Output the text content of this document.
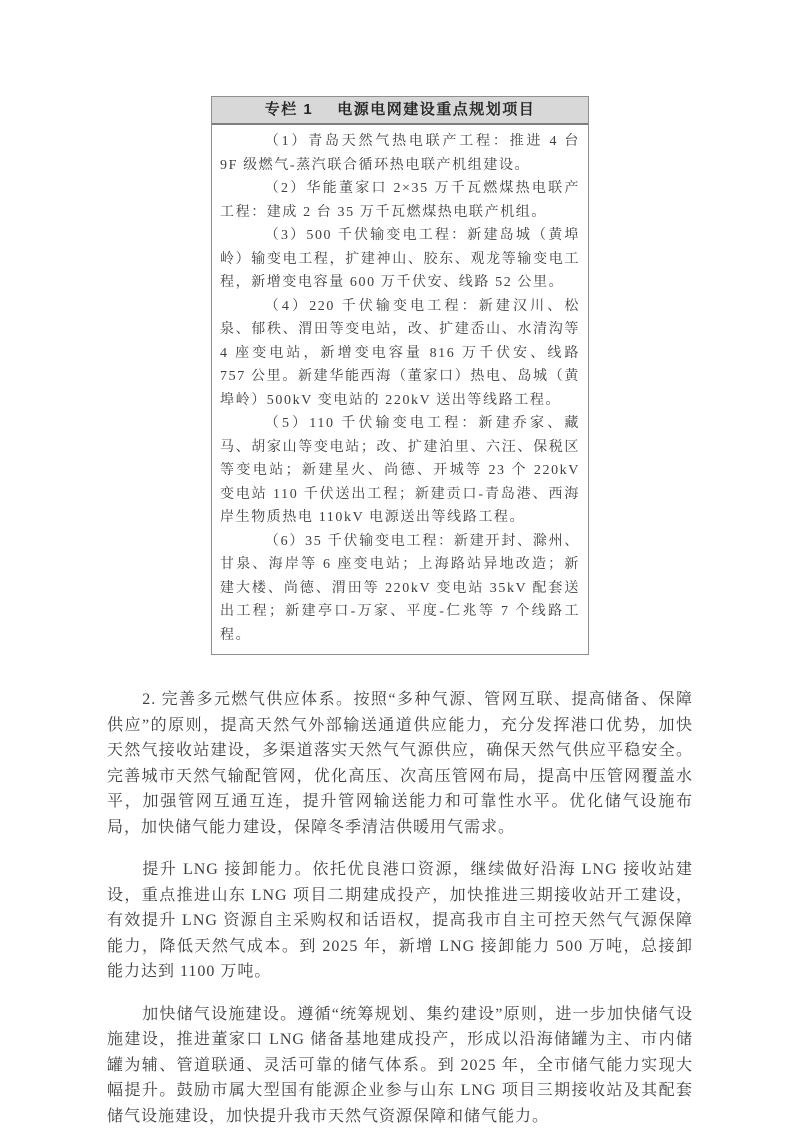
专栏 1 电源电网建设重点规划项目

（1）青岛天然气热电联产工程：推进 4 台 9F 级燃气-蒸汽联合循环热电联产机组建设。

（2）华能董家口 2×35 万千瓦燃煤热电联产工程：建成 2 台 35 万千瓦燃煤热电联产机组。

（3）500 千伏输变电工程：新建岛城（黄埠岭）输变电工程，扩建神山、胶东、观龙等输变电工程，新增变电容量 600 万千伏安、线路 52 公里。

（4）220 千伏输变电工程：新建汉川、松泉、郁秩、渭田等变电站，改、扩建岙山、水清沟等 4 座变电站，新增变电容量 816 万千伏安、线路 757 公里。新建华能西海（董家口）热电、岛城（黄埠岭）500kV 变电站的 220kV 送出等线路工程。

（5）110 千伏输变电工程：新建乔家、藏马、胡家山等变电站；改、扩建泊里、六汪、保税区等变电站；新建星火、尚德、开城等 23 个 220kV 变电站 110 千伏送出工程；新建贡口-青岛港、西海岸生物质热电 110kV 电源送出等线路工程。

（6）35 千伏输变电工程：新建开封、滁州、甘泉、海岸等 6 座变电站；上海路站异地改造；新建大楼、尚德、渭田等 220kV 变电站 35kV 配套送出工程；新建亭口-万家、平度-仁兆等 7 个线路工程。

2. 完善多元燃气供应体系。按照“多种气源、管网互联、提高储备、保障供应”的原则，提高天然气外部输送通道供应能力，充分发挥港口优势，加快天然气接收站建设，多渠道落实天然气气源供应，确保天然气供应平稳安全。完善城市天然气输配管网，优化高压、次高压管网布局，提高中压管网覆盖水平，加强管网互通互连，提升管网输送能力和可靠性水平。优化储气设施布局，加快储气能力建设，保障冬季清洁供暖用气需求。

提升 LNG 接卸能力。依托优良港口资源，继续做好沿海 LNG 接收站建设，重点推进山东 LNG 项目二期建成投产，加快推进三期接收站开工建设，有效提升 LNG 资源自主采购权和话语权，提高我市自主可控天然气气源保障能力，降低天然气成本。到 2025 年，新增 LNG 接卸能力 500 万吨，总接卸能力达到 1100 万吨。

加快储气设施建设。遵循“统筹规划、集约建设”原则，进一步加快储气设施建设，推进董家口 LNG 储备基地建成投产，形成以沿海储罐为主、市内储罐为辅、管道联通、灵活可靠的储气体系。到 2025 年，全市储气能力实现大幅提升。鼓励市属大型国有能源企业参与山东 LNG 项目三期接收站及其配套储气设施建设，加快提升我市天然气资源保障和储气能力。
